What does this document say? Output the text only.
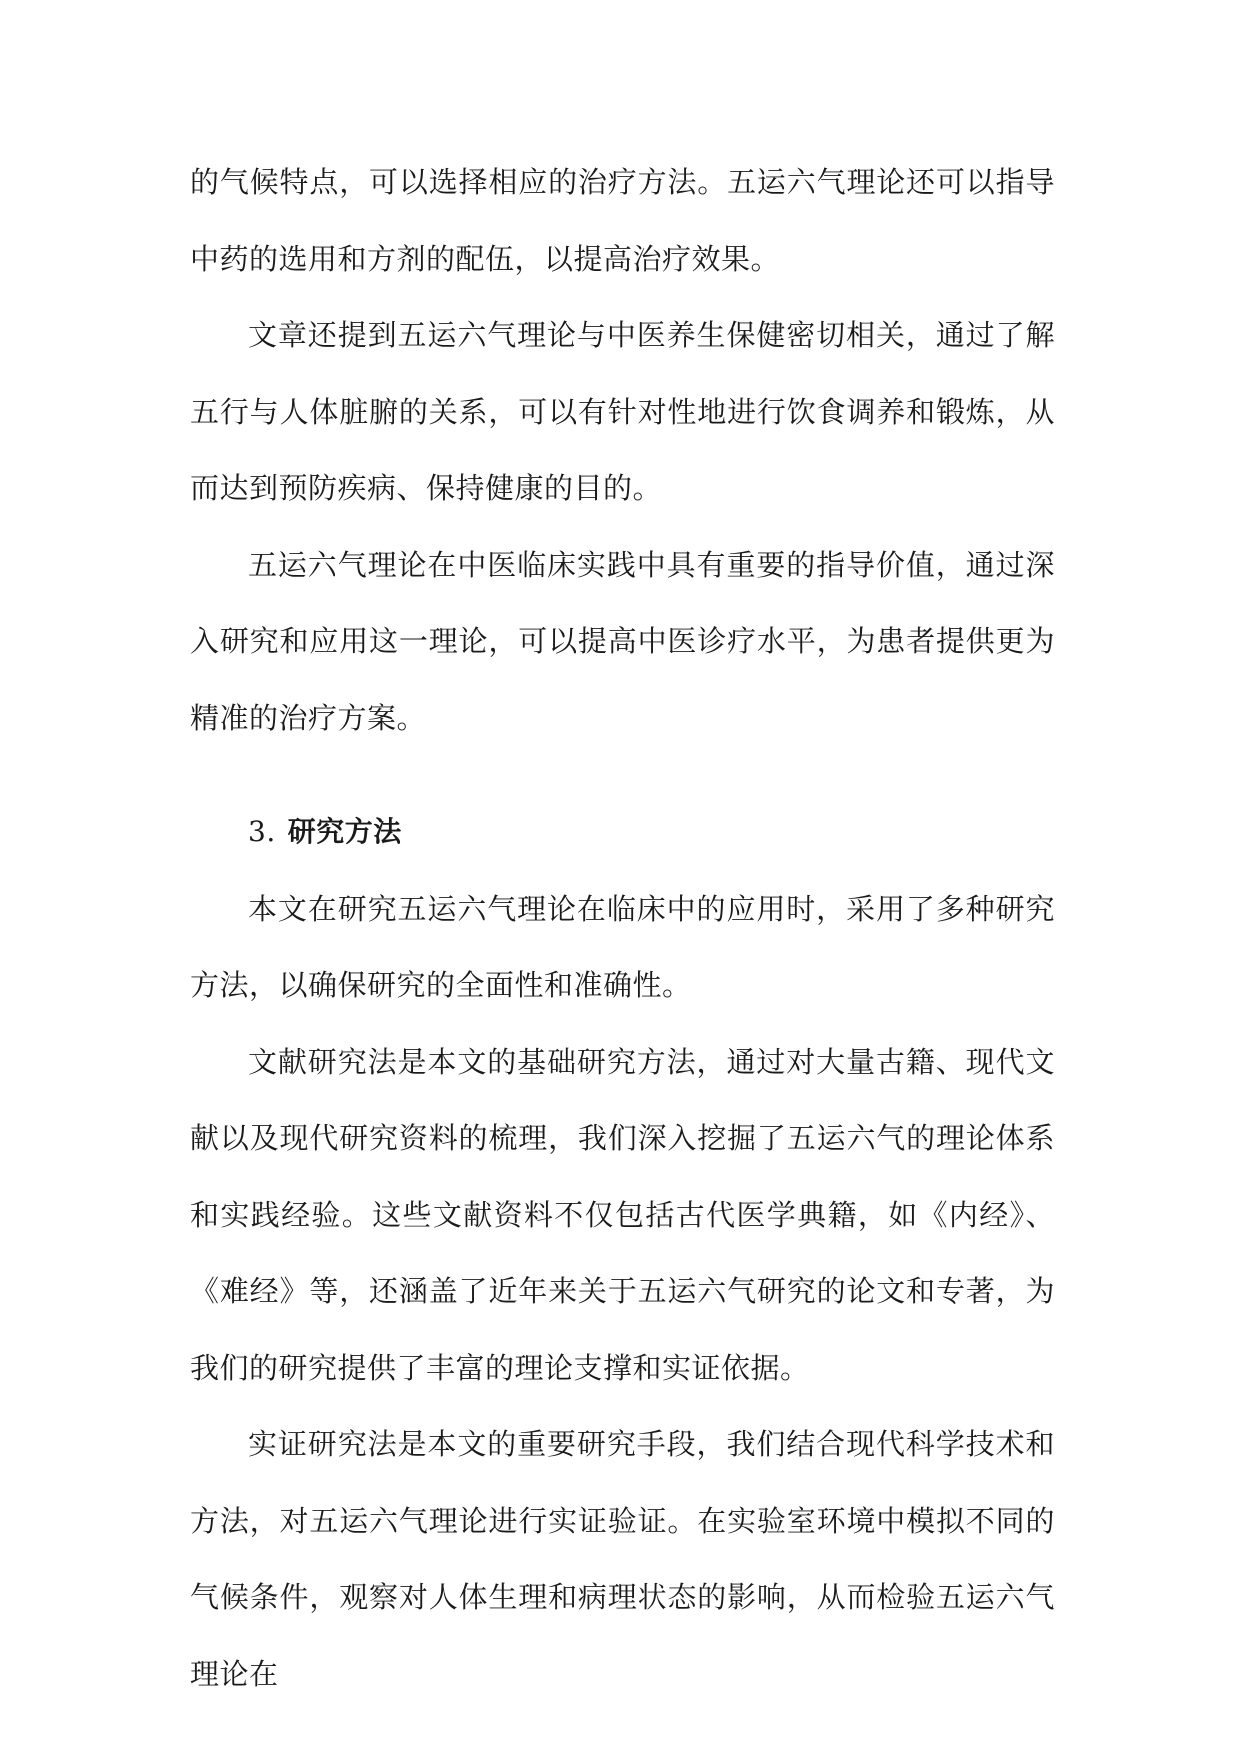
的气候特点，可以选择相应的治疗方法。五运六气理论还可以指导中药的选用和方剂的配伍，以提高治疗效果。

文章还提到五运六气理论与中医养生保健密切相关，通过了解五行与人体脏腑的关系，可以有针对性地进行饮食调养和锻炼，从而达到预防疾病、保持健康的目的。

五运六气理论在中医临床实践中具有重要的指导价值，通过深入研究和应用这一理论，可以提高中医诊疗水平，为患者提供更为精准的治疗方案。

3. 研究方法

本文在研究五运六气理论在临床中的应用时，采用了多种研究方法，以确保研究的全面性和准确性。

文献研究法是本文的基础研究方法，通过对大量古籍、现代文献以及现代研究资料的梳理，我们深入挖掘了五运六气的理论体系和实践经验。这些文献资料不仅包括古代医学典籍，如《内经》、《难经》等，还涵盖了近年来关于五运六气研究的论文和专著，为我们的研究提供了丰富的理论支撑和实证依据。

实证研究法是本文的重要研究手段，我们结合现代科学技术和方法，对五运六气理论进行实证验证。在实验室环境中模拟不同的气候条件，观察对人体生理和病理状态的影响，从而检验五运六气理论在
